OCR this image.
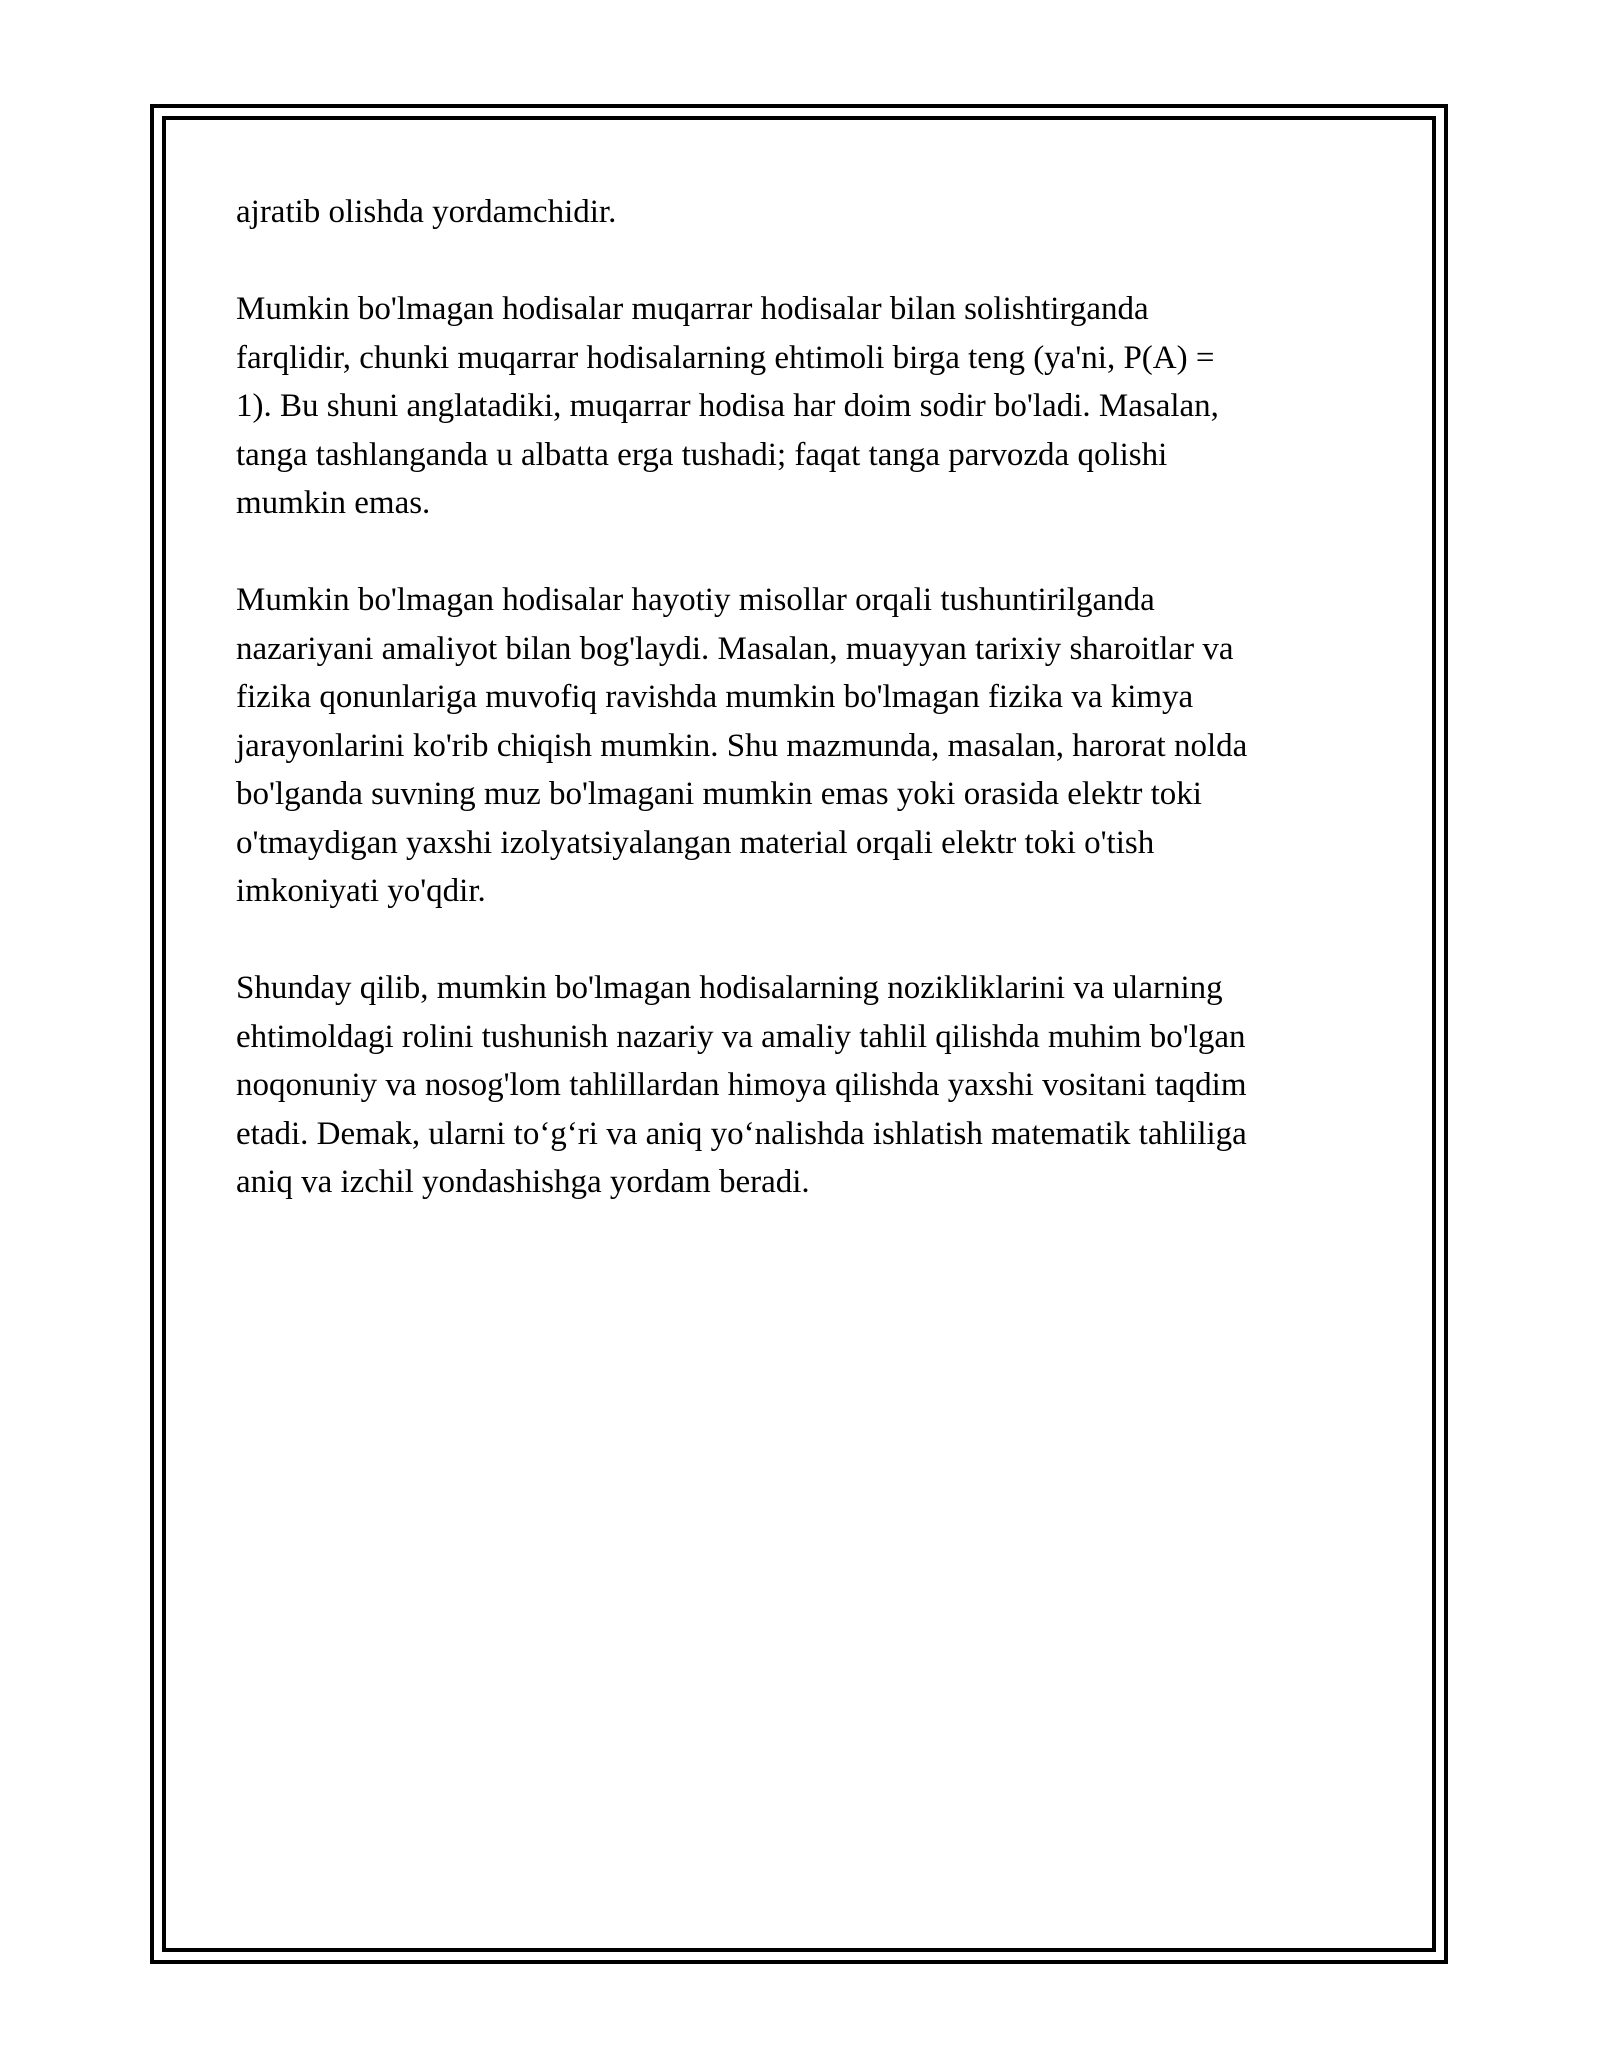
ajratib olishda yordamchidir.

Mumkin bo'lmagan hodisalar muqarrar hodisalar bilan solishtirganda
farqlidir, chunki muqarrar hodisalarning ehtimoli birga teng (ya'ni, P(A) =
1). Bu shuni anglatadiki, muqarrar hodisa har doim sodir bo'ladi. Masalan,
tanga tashlanganda u albatta erga tushadi; faqat tanga parvozda qolishi
mumkin emas.

Mumkin bo'lmagan hodisalar hayotiy misollar orqali tushuntirilganda
nazariyani amaliyot bilan bog'laydi. Masalan, muayyan tarixiy sharoitlar va
fizika qonunlariga muvofiq ravishda mumkin bo'lmagan fizika va kimya
jarayonlarini ko'rib chiqish mumkin. Shu mazmunda, masalan, harorat nolda
bo'lganda suvning muz bo'lmagani mumkin emas yoki orasida elektr toki
o'tmaydigan yaxshi izolyatsiyalangan material orqali elektr toki o'tish
imkoniyati yo'qdir.

Shunday qilib, mumkin bo'lmagan hodisalarning nozikliklarini va ularning
ehtimoldagi rolini tushunish nazariy va amaliy tahlil qilishda muhim bo'lgan
noqonuniy va nosog'lom tahlillardan himoya qilishda yaxshi vositani taqdim
etadi. Demak, ularni to‘g‘ri va aniq yo‘nalishda ishlatish matematik tahliliga
aniq va izchil yondashishga yordam beradi.
